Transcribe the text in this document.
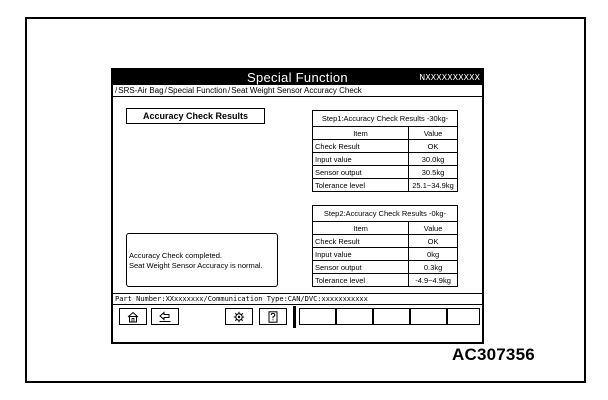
Special Function	NXXXXXXXXXX
/SRS-Air Bag/Special Function/Seat Weight Sensor Accuracy Check
Accuracy Check Results	Step1:Accuracy Check Results -30kg-	
Item	Value
Check Result	OK
Input value	30.0kg
Sensor output	30.5kg
Tolerance level	25.1~34.9kg
Step2:Accuracy Check Results -0kg-	
Item	Value
Check Result	OK
Input value	0kg
Sensor output	0.3kg
Tolerance level	-4.9~4.9kg
Accuracy Check completed.
Seat Weight Sensor Accuracy is normal.
Part Number:XXxxxxxxx/Communication Type:CAN/DVC:xxxxxxxxxxx
AC307356
